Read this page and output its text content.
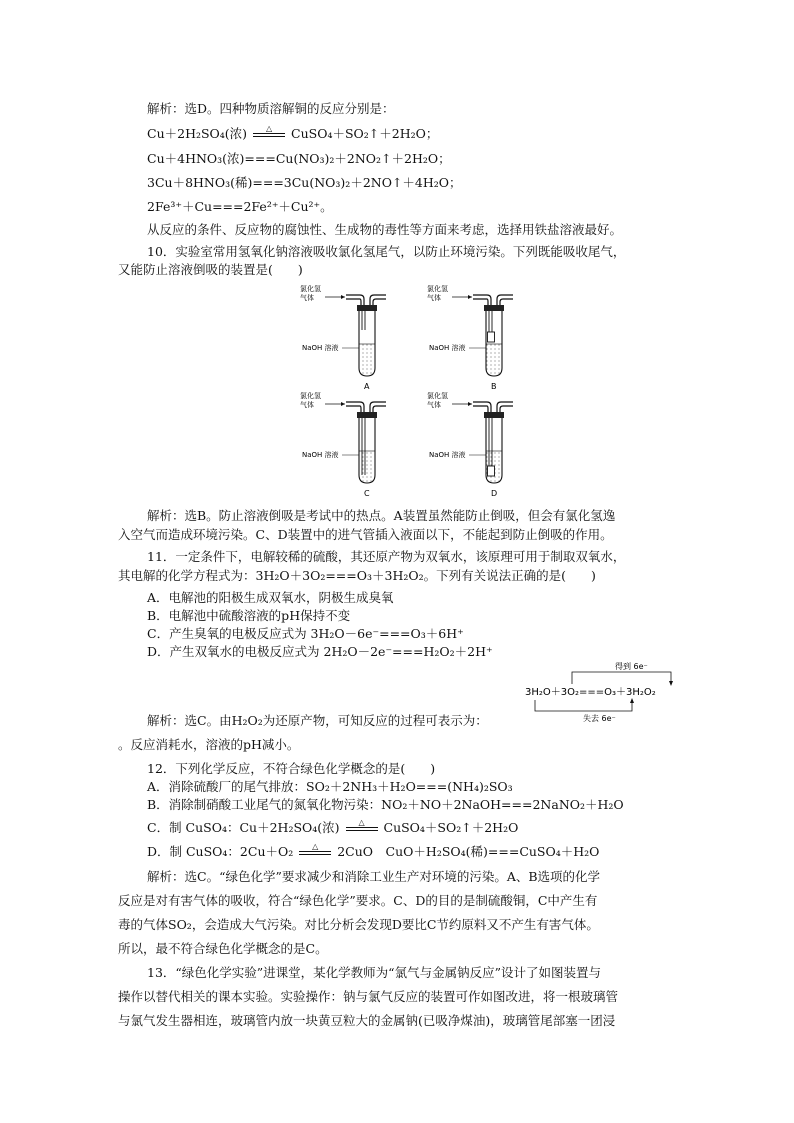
解析：选D。四种物质溶解铜的反应分别是：
Cu＋2H₂SO₄(浓)	△	CuSO₄＋SO₂↑＋2H₂O；
Cu＋4HNO₃(浓)===Cu(NO₃)₂＋2NO₂↑＋2H₂O；
3Cu＋8HNO₃(稀)===3Cu(NO₃)₂＋2NO↑＋4H₂O；
2Fe³⁺＋Cu===2Fe²⁺＋Cu²⁺。
从反应的条件、反应物的腐蚀性、生成物的毒性等方面来考虑，选择用铁盐溶液最好。
10．实验室常用氢氧化钠溶液吸收氯化氢尾气，以防止环境污染。下列既能吸收尾气，
又能防止溶液倒吸的装置是(　　)
氯化氢
气体
NaOH 溶液
A
氯化氢
气体
NaOH 溶液
B
氯化氢
气体
NaOH 溶液
C
氯化氢
气体
NaOH 溶液
D
解析：选B。防止溶液倒吸是考试中的热点。A装置虽然能防止倒吸，但会有氯化氢逸
入空气而造成环境污染。C、D装置中的进气管插入液面以下，不能起到防止倒吸的作用。
11．一定条件下，电解较稀的硫酸，其还原产物为双氧水，该原理可用于制取双氧水，
其电解的化学方程式为：3H₂O＋3O₂===O₃＋3H₂O₂。下列有关说法正确的是(　　)
A．电解池的阳极生成双氧水，阴极生成臭氧
B．电解池中硫酸溶液的pH保持不变
C．产生臭氧的电极反应式为 3H₂O－6e⁻===O₃＋6H⁺
D．产生双氧水的电极反应式为 2H₂O－2e⁻===H₂O₂＋2H⁺
得到 6e⁻
3H₂O＋3O₂===O₃＋3H₂O₂
失去 6e⁻
解析：选C。由H₂O₂为还原产物，可知反应的过程可表示为：
。反应消耗水，溶液的pH减小。
12．下列化学反应，不符合绿色化学概念的是(　　)
A．消除硫酸厂的尾气排放：SO₂＋2NH₃＋H₂O===(NH₄)₂SO₃
B．消除制硝酸工业尾气的氮氧化物污染：NO₂＋NO＋2NaOH===2NaNO₂＋H₂O
C．制 CuSO₄：Cu＋2H₂SO₄(浓)	△	CuSO₄＋SO₂↑＋2H₂O
D．制 CuSO₄：2Cu＋O₂	△	2CuO　CuO＋H₂SO₄(稀)===CuSO₄＋H₂O
解析：选C。“绿色化学”要求减少和消除工业生产对环境的污染。A、B选项的化学
反应是对有害气体的吸收，符合“绿色化学”要求。C、D的目的是制硫酸铜，C中产生有
毒的气体SO₂，会造成大气污染。对比分析会发现D要比C节约原料又不产生有害气体。
所以，最不符合绿色化学概念的是C。
13．“绿色化学实验”进课堂，某化学教师为“氯气与金属钠反应”设计了如图装置与
操作以替代相关的课本实验。实验操作：钠与氯气反应的装置可作如图改进，将一根玻璃管
与氯气发生器相连，玻璃管内放一块黄豆粒大的金属钠(已吸净煤油)，玻璃管尾部塞一团浸
